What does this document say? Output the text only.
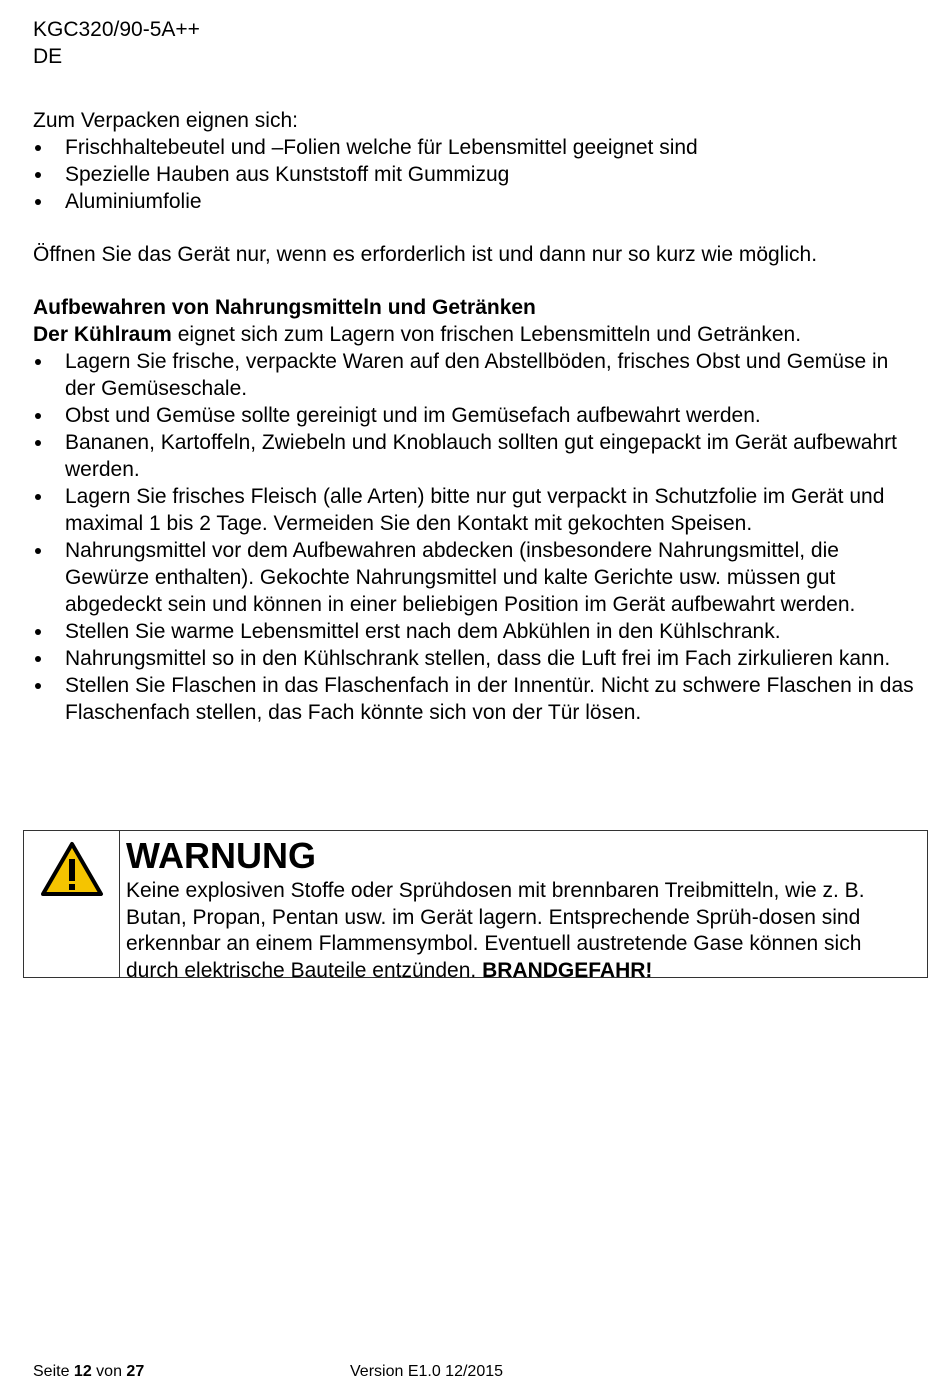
KGC320/90-5A++
DE

Zum Verpacken eignen sich:

Frischhaltebeutel und –Folien welche für Lebensmittel geeignet sind
Spezielle Hauben aus Kunststoff mit Gummizug
Aluminiumfolie

Öffnen Sie das Gerät nur, wenn es erforderlich ist und dann nur so kurz wie möglich.

Aufbewahren von Nahrungsmitteln und Getränken

Der Kühlraum eignet sich zum Lagern von frischen Lebensmitteln und Getränken.

Lagern Sie frische, verpackte Waren auf den Abstellböden, frisches Obst und Gemüse in der Gemüseschale.
Obst und Gemüse sollte gereinigt und im Gemüsefach aufbewahrt werden.
Bananen, Kartoffeln, Zwiebeln und Knoblauch sollten gut eingepackt im Gerät aufbewahrt werden.
Lagern Sie frisches Fleisch (alle Arten) bitte nur gut verpackt in Schutzfolie im Gerät und maximal 1 bis 2 Tage. Vermeiden Sie den Kontakt mit gekochten Speisen.
Nahrungsmittel vor dem Aufbewahren abdecken (insbesondere Nahrungsmittel, die Gewürze enthalten). Gekochte Nahrungsmittel und kalte Gerichte usw. müssen gut abgedeckt sein und können in einer beliebigen Position im Gerät aufbewahrt werden.
Stellen Sie warme Lebensmittel erst nach dem Abkühlen in den Kühlschrank.
Nahrungsmittel so in den Kühlschrank stellen, dass die Luft frei im Fach zirkulieren kann.
Stellen Sie Flaschen in das Flaschenfach in der Innentür. Nicht zu schwere Flaschen in das Flaschenfach stellen, das Fach könnte sich von der Tür lösen.
WARNUNG
Keine explosiven Stoffe oder Sprühdosen mit brennbaren Treibmitteln, wie z. B. Butan, Propan, Pentan usw. im Gerät lagern. Entsprechende Sprüh-dosen sind erkennbar an einem Flammensymbol. Eventuell austretende Gase können sich durch elektrische Bauteile entzünden. BRANDGEFAHR!
Seite 12 von 27	Version E1.0 12/2015
